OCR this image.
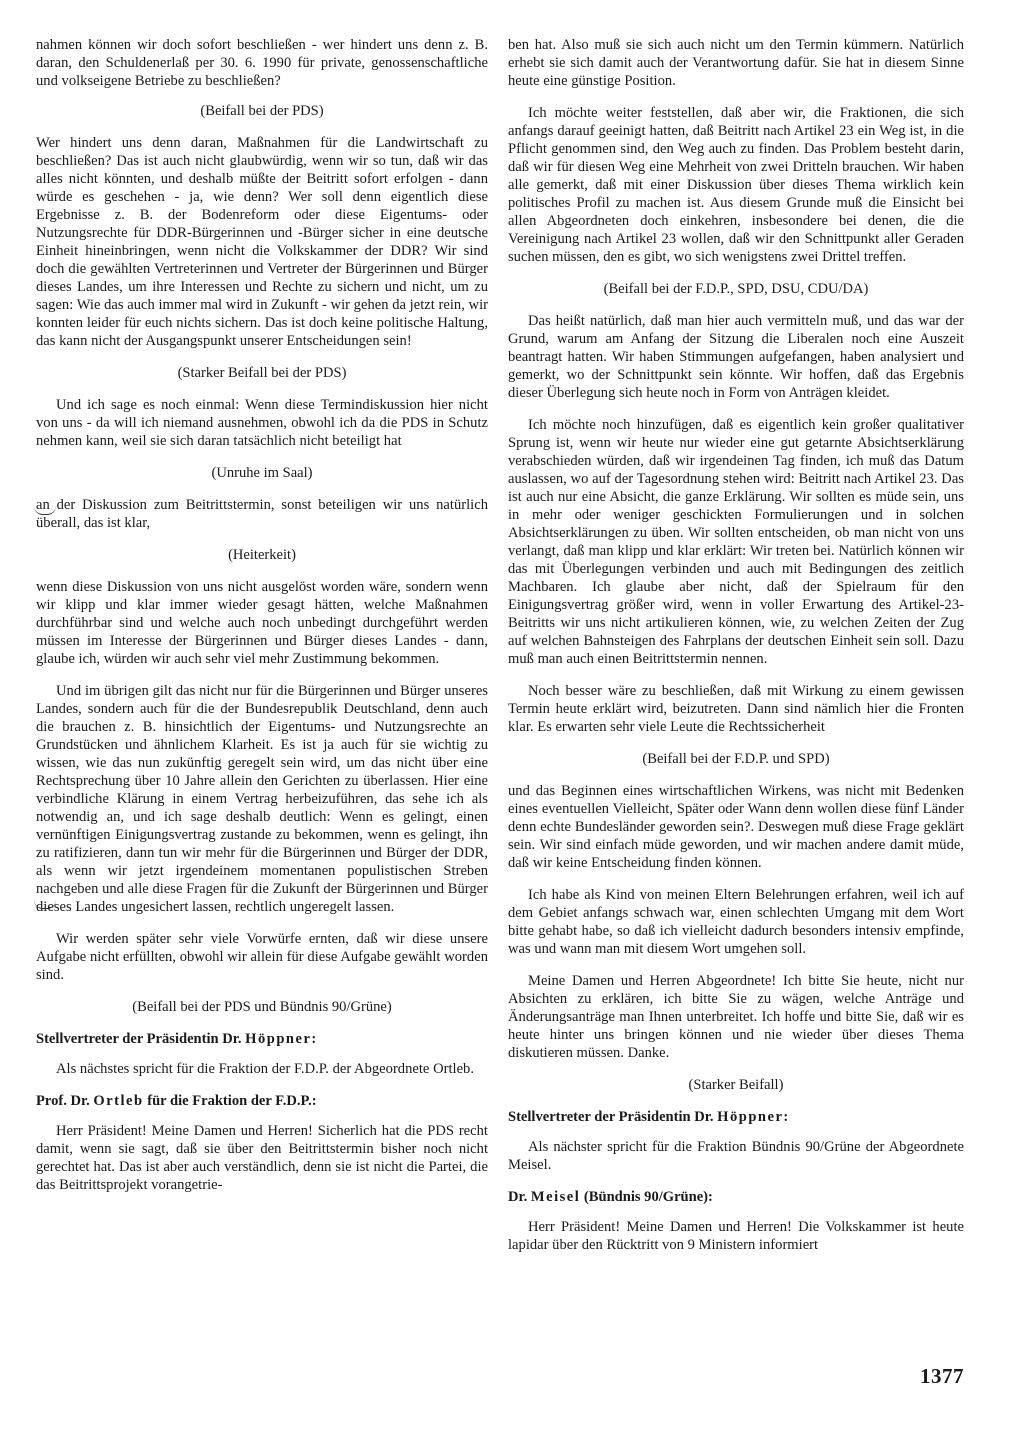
nahmen können wir doch sofort beschließen - wer hindert uns denn z. B. daran, den Schuldenerlaß per 30. 6. 1990 für private, genossenschaftliche und volkseigene Betriebe zu beschließen?

(Beifall bei der PDS)

Wer hindert uns denn daran, Maßnahmen für die Landwirtschaft zu beschließen? Das ist auch nicht glaubwürdig, wenn wir so tun, daß wir das alles nicht könnten, und deshalb müßte der Beitritt sofort erfolgen - dann würde es geschehen - ja, wie denn? Wer soll denn eigentlich diese Ergebnisse z. B. der Bodenreform oder diese Eigentums- oder Nutzungsrechte für DDR-Bürgerinnen und -Bürger sicher in eine deutsche Einheit hineinbringen, wenn nicht die Volkskammer der DDR? Wir sind doch die gewählten Vertreterinnen und Vertreter der Bürgerinnen und Bürger dieses Landes, um ihre Interessen und Rechte zu sichern und nicht, um zu sagen: Wie das auch immer mal wird in Zukunft - wir gehen da jetzt rein, wir konnten leider für euch nichts sichern. Das ist doch keine politische Haltung, das kann nicht der Ausgangspunkt unserer Entscheidungen sein!

(Starker Beifall bei der PDS)

Und ich sage es noch einmal: Wenn diese Termindiskussion hier nicht von uns - da will ich niemand ausnehmen, obwohl ich da die PDS in Schutz nehmen kann, weil sie sich daran tatsächlich nicht beteiligt hat

(Unruhe im Saal)

an der Diskussion zum Beitrittstermin, sonst beteiligen wir uns natürlich überall, das ist klar,

(Heiterkeit)

wenn diese Diskussion von uns nicht ausgelöst worden wäre, sondern wenn wir klipp und klar immer wieder gesagt hätten, welche Maßnahmen durchführbar sind und welche auch noch unbedingt durchgeführt werden müssen im Interesse der Bürgerinnen und Bürger dieses Landes - dann, glaube ich, würden wir auch sehr viel mehr Zustimmung bekommen.

Und im übrigen gilt das nicht nur für die Bürgerinnen und Bürger unseres Landes, sondern auch für die der Bundesrepublik Deutschland, denn auch die brauchen z. B. hinsichtlich der Eigentums- und Nutzungsrechte an Grundstücken und ähnlichem Klarheit. Es ist ja auch für sie wichtig zu wissen, wie das nun zukünftig geregelt sein wird, um das nicht über eine Rechtsprechung über 10 Jahre allein den Gerichten zu überlassen. Hier eine verbindliche Klärung in einem Vertrag herbeizuführen, das sehe ich als notwendig an, und ich sage deshalb deutlich: Wenn es gelingt, einen vernünftigen Einigungsvertrag zustande zu bekommen, wenn es gelingt, ihn zu ratifizieren, dann tun wir mehr für die Bürgerinnen und Bürger der DDR, als wenn wir jetzt irgendeinem momentanen populistischen Streben nachgeben und alle diese Fragen für die Zukunft der Bürgerinnen und Bürger dieses Landes ungesichert lassen, rechtlich ungeregelt lassen.

Wir werden später sehr viele Vorwürfe ernten, daß wir diese unsere Aufgabe nicht erfüllten, obwohl wir allein für diese Aufgabe gewählt worden sind.

(Beifall bei der PDS und Bündnis 90/Grüne)

Stellvertreter der Präsidentin Dr. Höppner:

Als nächstes spricht für die Fraktion der F.D.P. der Abgeordnete Ortleb.

Prof. Dr. Ortleb für die Fraktion der F.D.P.:

Herr Präsident! Meine Damen und Herren! Sicherlich hat die PDS recht damit, wenn sie sagt, daß sie über den Beitrittstermin bisher noch nicht gerechtet hat. Das ist aber auch verständlich, denn sie ist nicht die Partei, die das Beitrittsprojekt vorangetrie-

ben hat. Also muß sie sich auch nicht um den Termin kümmern. Natürlich erhebt sie sich damit auch der Verantwortung dafür. Sie hat in diesem Sinne heute eine günstige Position.

Ich möchte weiter feststellen, daß aber wir, die Fraktionen, die sich anfangs darauf geeinigt hatten, daß Beitritt nach Artikel 23 ein Weg ist, in die Pflicht genommen sind, den Weg auch zu finden. Das Problem besteht darin, daß wir für diesen Weg eine Mehrheit von zwei Dritteln brauchen. Wir haben alle gemerkt, daß mit einer Diskussion über dieses Thema wirklich kein politisches Profil zu machen ist. Aus diesem Grunde muß die Einsicht bei allen Abgeordneten doch einkehren, insbesondere bei denen, die die Vereinigung nach Artikel 23 wollen, daß wir den Schnittpunkt aller Geraden suchen müssen, den es gibt, wo sich wenigstens zwei Drittel treffen.

(Beifall bei der F.D.P., SPD, DSU, CDU/DA)

Das heißt natürlich, daß man hier auch vermitteln muß, und das war der Grund, warum am Anfang der Sitzung die Liberalen noch eine Auszeit beantragt hatten. Wir haben Stimmungen aufgefangen, haben analysiert und gemerkt, wo der Schnittpunkt sein könnte. Wir hoffen, daß das Ergebnis dieser Überlegung sich heute noch in Form von Anträgen kleidet.

Ich möchte noch hinzufügen, daß es eigentlich kein großer qualitativer Sprung ist, wenn wir heute nur wieder eine gut getarnte Absichtserklärung verabschieden würden, daß wir irgendeinen Tag finden, ich muß das Datum auslassen, wo auf der Tagesordnung stehen wird: Beitritt nach Artikel 23. Das ist auch nur eine Absicht, die ganze Erklärung. Wir sollten es müde sein, uns in mehr oder weniger geschickten Formulierungen und in solchen Absichtserklärungen zu üben. Wir sollten entscheiden, ob man nicht von uns verlangt, daß man klipp und klar erklärt: Wir treten bei. Natürlich können wir das mit Überlegungen verbinden und auch mit Bedingungen des zeitlich Machbaren. Ich glaube aber nicht, daß der Spielraum für den Einigungsvertrag größer wird, wenn in voller Erwartung des Artikel-23-Beitritts wir uns nicht artikulieren können, wie, zu welchen Zeiten der Zug auf welchen Bahnsteigen des Fahrplans der deutschen Einheit sein soll. Dazu muß man auch einen Beitrittstermin nennen.

Noch besser wäre zu beschließen, daß mit Wirkung zu einem gewissen Termin heute erklärt wird, beizutreten. Dann sind nämlich hier die Fronten klar. Es erwarten sehr viele Leute die Rechtssicherheit

(Beifall bei der F.D.P. und SPD)

und das Beginnen eines wirtschaftlichen Wirkens, was nicht mit Bedenken eines eventuellen Vielleicht, Später oder Wann denn wollen diese fünf Länder denn echte Bundesländer geworden sein?. Deswegen muß diese Frage geklärt sein. Wir sind einfach müde geworden, und wir machen andere damit müde, daß wir keine Entscheidung finden können.

Ich habe als Kind von meinen Eltern Belehrungen erfahren, weil ich auf dem Gebiet anfangs schwach war, einen schlechten Umgang mit dem Wort bitte gehabt habe, so daß ich vielleicht dadurch besonders intensiv empfinde, was und wann man mit diesem Wort umgehen soll.

Meine Damen und Herren Abgeordnete! Ich bitte Sie heute, nicht nur Absichten zu erklären, ich bitte Sie zu wägen, welche Anträge und Änderungsanträge man Ihnen unterbreitet. Ich hoffe und bitte Sie, daß wir es heute hinter uns bringen können und nie wieder über dieses Thema diskutieren müssen. Danke.

(Starker Beifall)

Stellvertreter der Präsidentin Dr. Höppner:

Als nächster spricht für die Fraktion Bündnis 90/Grüne der Abgeordnete Meisel.

Dr. Meisel (Bündnis 90/Grüne):

Herr Präsident! Meine Damen und Herren! Die Volkskammer ist heute lapidar über den Rücktritt von 9 Ministern informiert

1377
